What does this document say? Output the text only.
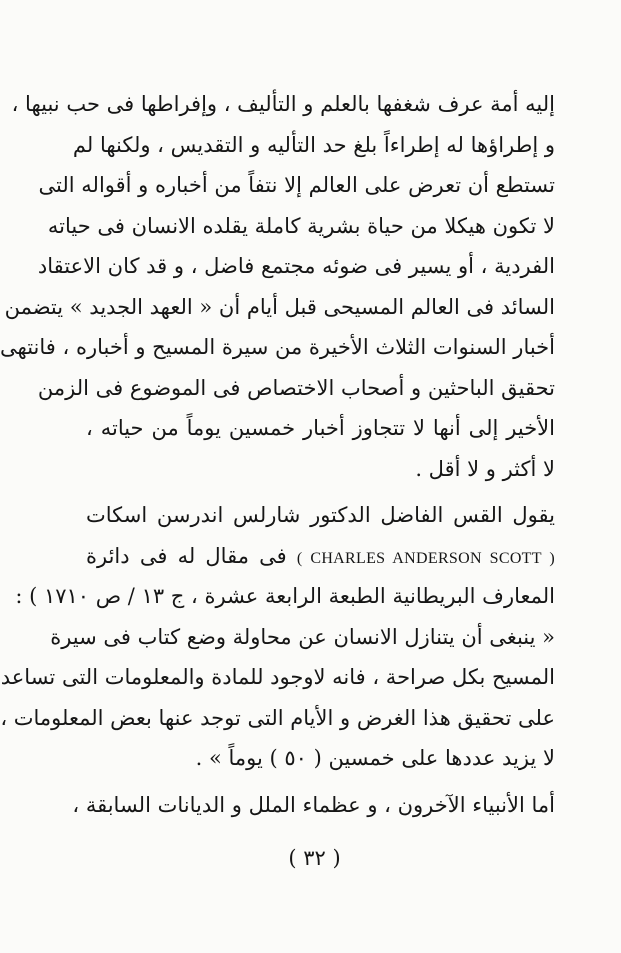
إليه أمة عرف شغفها بالعلم و التأليف ، وإفراطها فى حب نبيها ،
و إطراؤها له إطراءاً بلغ حد التأليه و التقديس ، ولكنها لم
تستطع أن تعرض على العالم إلا نتفاً من أخباره و أقواله التى
لا تكون هيكلا من حياة بشرية كاملة يقلده الانسان فى حياته
الفردية ، أو يسير فى ضوئه مجتمع فاضل ، و قد كان الاعتقاد
السائد فى العالم المسيحى قبل أيام أن « العهد الجديد » يتضمن
أخبار السنوات الثلاث الأخيرة من سيرة المسيح و أخباره ، فانتهى
تحقيق الباحثين و أصحاب الاختصاص فى الموضوع فى الزمن
الأخير إلى أنها لا تتجاوز أخبار خمسين يوماً من حياته ،
لا أكثر و لا أقل .

يقول القس الفاضل الدكتور شارلس اندرسن اسكات
( CHARLES ANDERSON SCOTT ) فى مقال له فى دائرة
المعارف البريطانية الطبعة الرابعة عشرة ، ج ١٣ / ص ١٧١٠ ) :
« ينبغى أن يتنازل الانسان عن محاولة وضع كتاب فى سيرة
المسيح بكل صراحة ، فانه لاوجود للمادة والمعلومات التى تساعد
على تحقيق هذا الغرض و الأيام التى توجد عنها بعض المعلومات ،
لا يزيد عددها على خمسين ( ٥٠ ) يوماً » .

أما الأنبياء الآخرون ، و عظماء الملل و الديانات السابقة ،

( ٣٢ )
